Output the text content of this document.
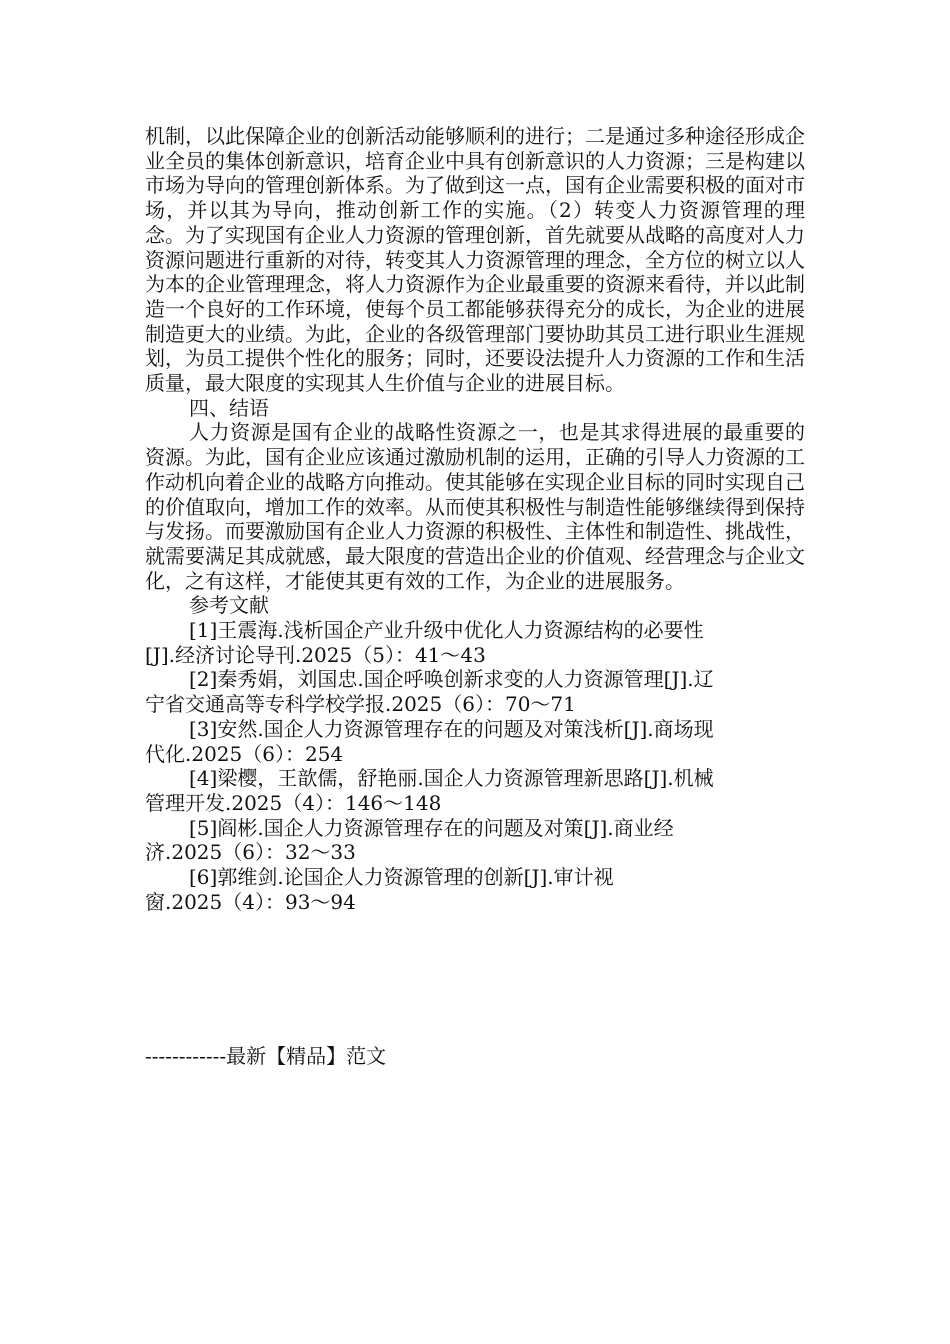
机制，以此保障企业的创新活动能够顺利的进行；二是通过多种途径形成企业全员的集体创新意识，培育企业中具有创新意识的人力资源；三是构建以市场为导向的管理创新体系。为了做到这一点，国有企业需要积极的面对市场，并以其为导向，推动创新工作的实施。（2）转变人力资源管理的理念。为了实现国有企业人力资源的管理创新，首先就要从战略的高度对人力资源问题进行重新的对待，转变其人力资源管理的理念，全方位的树立以人为本的企业管理理念，将人力资源作为企业最重要的资源来看待，并以此制造一个良好的工作环境，使每个员工都能够获得充分的成长，为企业的进展制造更大的业绩。为此，企业的各级管理部门要协助其员工进行职业生涯规划，为员工提供个性化的服务；同时，还要设法提升人力资源的工作和生活质量，最大限度的实现其人生价值与企业的进展目标。

四、结语

人力资源是国有企业的战略性资源之一，也是其求得进展的最重要的资源。为此，国有企业应该通过激励机制的运用，正确的引导人力资源的工作动机向着企业的战略方向推动。使其能够在实现企业目标的同时实现自己的价值取向，增加工作的效率。从而使其积极性与制造性能够继续得到保持与发扬。而要激励国有企业人力资源的积极性、主体性和制造性、挑战性，就需要满足其成就感，最大限度的营造出企业的价值观、经营理念与企业文化，之有这样，才能使其更有效的工作，为企业的进展服务。

参考文献

[1]王震海.浅析国企产业升级中优化人力资源结构的必要性
[J].经济讨论导刊.2025（5）：41～43

[2]秦秀娟，刘国忠.国企呼唤创新求变的人力资源管理[J].辽
宁省交通高等专科学校学报.2025（6）：70～71

[3]安然.国企人力资源管理存在的问题及对策浅析[J].商场现
代化.2025（6）：254

[4]梁樱，王歆儒，舒艳丽.国企人力资源管理新思路[J].机械
管理开发.2025（4）：146～148

[5]阎彬.国企人力资源管理存在的问题及对策[J].商业经
济.2025（6）：32～33

[6]郭维剑.论国企人力资源管理的创新[J].审计视
窗.2025（4）：93～94

------------最新【精品】范文
